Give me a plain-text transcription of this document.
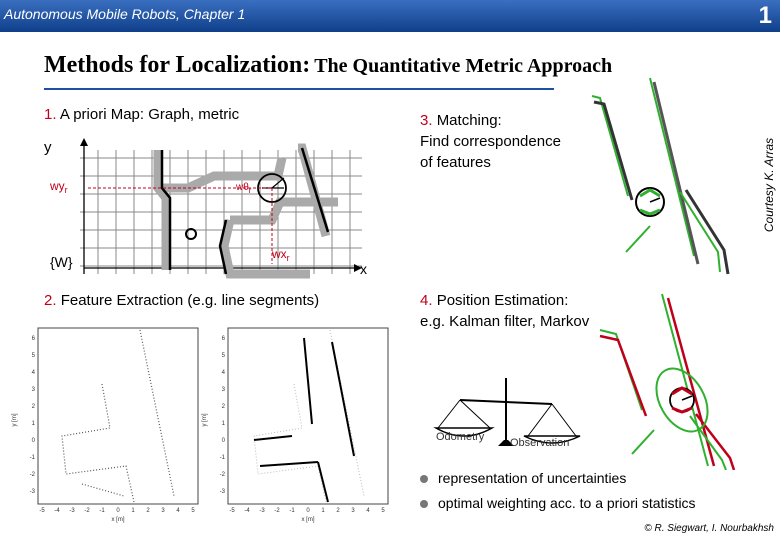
Autonomous Mobile Robots, Chapter 1	1
Methods for Localization: The Quantitative Metric Approach
1. A priori Map: Graph, metric
y
x
{W}
$wy_r$
$wx_r$
$w\theta_r$
2. Feature Extraction (e.g. line segments)
6
5
4
3
2
1
0
-1
-2
-3
-5 -4 -3 -2 -1 0 1 2 3 4 5
x [m]
y [m]
6
5
4
3
2
1
0
-1
-2
-3
-5 -4 -3 -2 -1 0 1 2 3 4 5
x [m]
y [m]
3. Matching:
Find correspondence
of features	Courtesy K. Arras
4. Position Estimation:
e.g. Kalman filter, Markov
Odometry Observation
representation of uncertainties
optimal weighting acc. to a priori statistics
© R. Siegwart, I. Nourbakhsh
